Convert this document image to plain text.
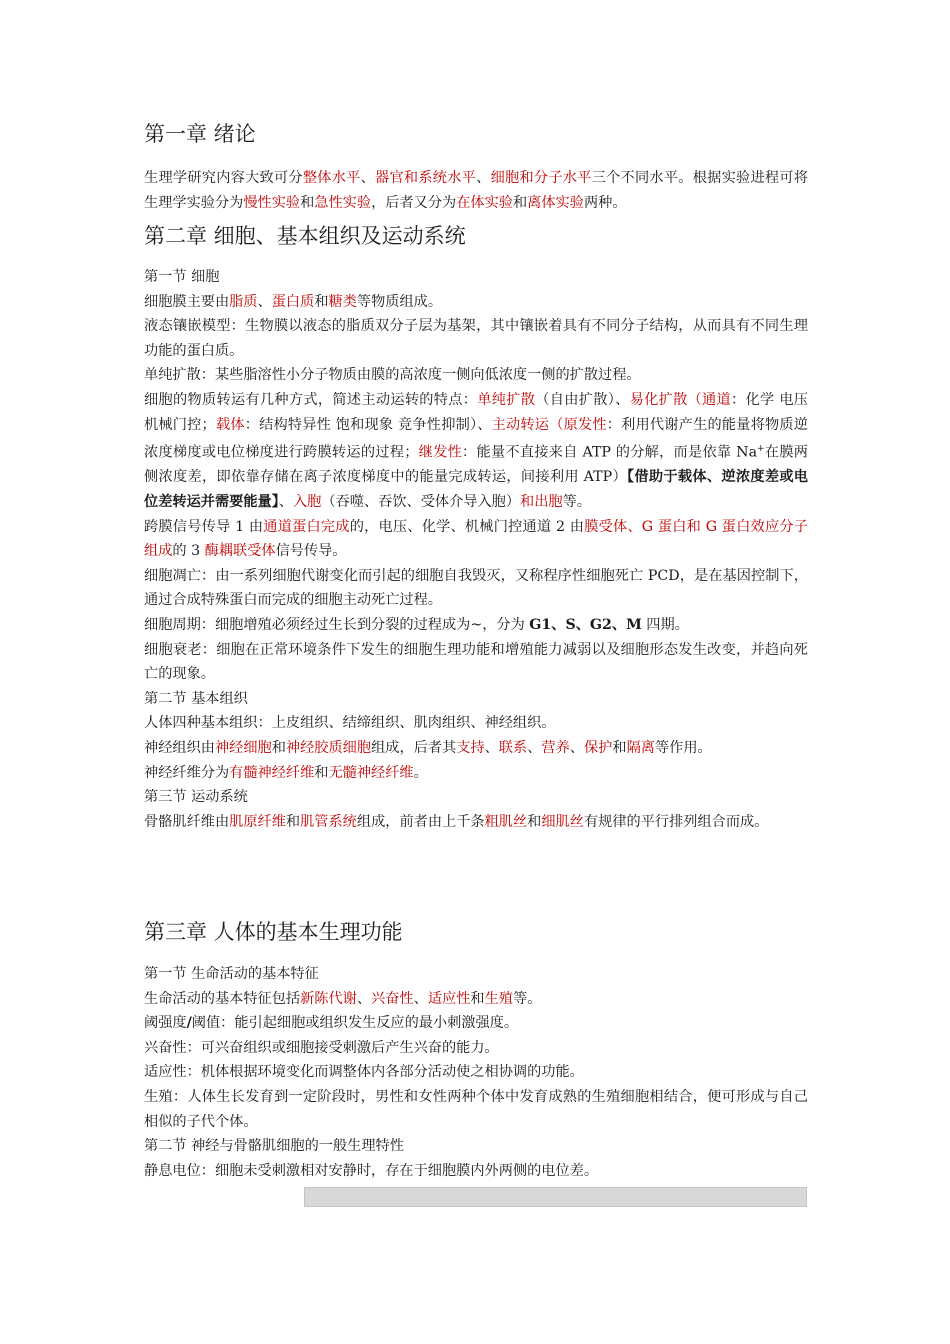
第一章 绪论

生理学研究内容大致可分整体水平、器官和系统水平、细胞和分子水平三个不同水平。根据实验进程可将生理学实验分为慢性实验和急性实验，后者又分为在体实验和离体实验两种。

第二章 细胞、基本组织及运动系统

第一节 细胞

细胞膜主要由脂质、蛋白质和糖类等物质组成。

液态镶嵌模型：生物膜以液态的脂质双分子层为基架，其中镶嵌着具有不同分子结构，从而具有不同生理功能的蛋白质。

单纯扩散：某些脂溶性小分子物质由膜的高浓度一侧向低浓度一侧的扩散过程。

细胞的物质转运有几种方式，简述主动运转的特点：单纯扩散（自由扩散）、易化扩散（通道：化学 电压 机械门控；载体：结构特异性 饱和现象 竞争性抑制）、主动转运（原发性：利用代谢产生的能量将物质逆浓度梯度或电位梯度进行跨膜转运的过程；继发性：能量不直接来自 ATP 的分解，而是依靠 Na+在膜两侧浓度差，即依靠存储在离子浓度梯度中的能量完成转运，间接利用 ATP）【借助于载体、逆浓度差或电位差转运并需要能量】、入胞（吞噬、吞饮、受体介导入胞）和出胞等。

跨膜信号传导 1 由通道蛋白完成的，电压、化学、机械门控通道 2 由膜受体、G 蛋白和 G 蛋白效应分子组成的 3 酶耦联受体信号传导。

细胞凋亡：由一系列细胞代谢变化而引起的细胞自我毁灭，又称程序性细胞死亡 PCD，是在基因控制下，通过合成特殊蛋白而完成的细胞主动死亡过程。

细胞周期：细胞增殖必须经过生长到分裂的过程成为~，分为 G1、S、G2、M 四期。

细胞衰老：细胞在正常环境条件下发生的细胞生理功能和增殖能力减弱以及细胞形态发生改变，并趋向死亡的现象。

第二节 基本组织

人体四种基本组织：上皮组织、结缔组织、肌肉组织、神经组织。

神经组织由神经细胞和神经胶质细胞组成，后者其支持、联系、营养、保护和隔离等作用。

神经纤维分为有髓神经纤维和无髓神经纤维。

第三节 运动系统

骨骼肌纤维由肌原纤维和肌管系统组成，前者由上千条粗肌丝和细肌丝有规律的平行排列组合而成。

第三章 人体的基本生理功能

第一节 生命活动的基本特征

生命活动的基本特征包括新陈代谢、兴奋性、适应性和生殖等。

阈强度/阈值：能引起细胞或组织发生反应的最小刺激强度。

兴奋性：可兴奋组织或细胞接受刺激后产生兴奋的能力。

适应性：机体根据环境变化而调整体内各部分活动使之相协调的功能。

生殖：人体生长发育到一定阶段时，男性和女性两种个体中发育成熟的生殖细胞相结合，便可形成与自己相似的子代个体。

第二节 神经与骨骼肌细胞的一般生理特性

静息电位：细胞未受刺激相对安静时，存在于细胞膜内外两侧的电位差。
